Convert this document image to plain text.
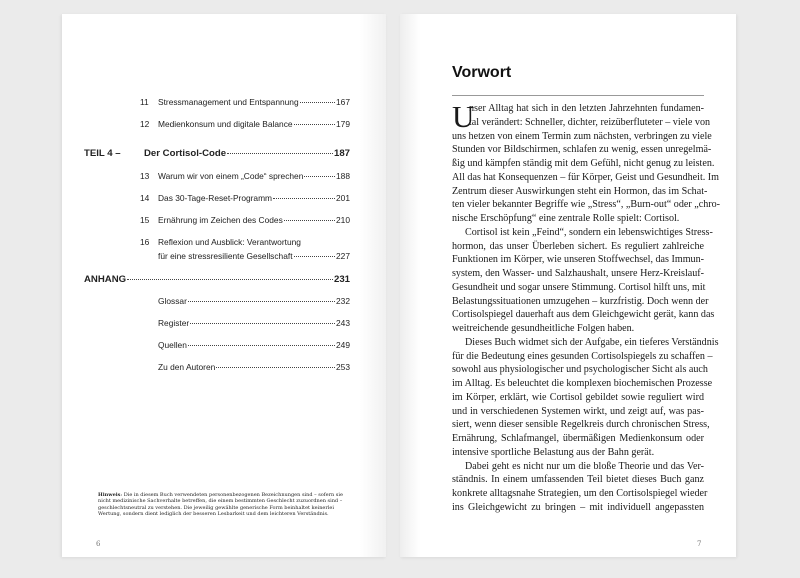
11	Stressmanagement und Entspannung	167
12	Medienkonsum und digitale Balance	179
TEIL 4 –	Der Cortisol-Code	187
13	Warum wir von einem „Code“ sprechen	188
14	Das 30-Tage-Reset-Programm	201
15	Ernährung im Zeichen des Codes	210
16	Reflexion und Ausblick: Verantwortung
für eine stressresiliente Gesellschaft	227
ANHANG	231
Glossar	232
Register	243
Quellen	249
Zu den Autoren	253
Hinweis: Die in diesem Buch verwendeten personenbezogenen Bezeichnungen sind – sofern sie nicht medizinische Sachverhalte betreffen, die einem bestimmten Geschlecht zuzuordnen sind – geschlechtsneutral zu verstehen. Die jeweilig gewählte generische Form beinhaltet keinerlei Wertung, sondern dient lediglich der besseren Lesbarkeit und dem leichteren Verständnis.
6
Vorwort
U
nser Alltag hat sich in den letzten Jahrzehnten fundamen-
tal verändert: Schneller, dichter, reizüberfluteter – viele von
uns hetzen von einem Termin zum nächsten, verbringen zu viele
Stunden vor Bildschirmen, schlafen zu wenig, essen unregelmä-
ßig und kämpfen ständig mit dem Gefühl, nicht genug zu leisten.
All das hat Konsequenzen – für Körper, Geist und Gesundheit. Im
Zentrum dieser Auswirkungen steht ein Hormon, das im Schat-
ten vieler bekannter Begriffe wie „Stress“, „Burn-out“ oder „chro-
nische Erschöpfung“ eine zentrale Rolle spielt: Cortisol.
Cortisol ist kein „Feind“, sondern ein lebenswichtiges Stress-
hormon, das unser Überleben sichert. Es reguliert zahlreiche
Funktionen im Körper, wie unseren Stoffwechsel, das Immun-
system, den Wasser- und Salzhaushalt, unsere Herz-Kreislauf-
Gesundheit und sogar unsere Stimmung. Cortisol hilft uns, mit
Belastungssituationen umzugehen – kurzfristig. Doch wenn der
Cortisolspiegel dauerhaft aus dem Gleichgewicht gerät, kann das
weitreichende gesundheitliche Folgen haben.
Dieses Buch widmet sich der Aufgabe, ein tieferes Verständnis
für die Bedeutung eines gesunden Cortisolspiegels zu schaffen –
sowohl aus physiologischer und psychologischer Sicht als auch
im Alltag. Es beleuchtet die komplexen biochemischen Prozesse
im Körper, erklärt, wie Cortisol gebildet sowie reguliert wird
und in verschiedenen Systemen wirkt, und zeigt auf, was pas-
siert, wenn dieser sensible Regelkreis durch chronischen Stress,
Ernährung, Schlafmangel, übermäßigen Medienkonsum oder
intensive sportliche Belastung aus der Bahn gerät.
Dabei geht es nicht nur um die bloße Theorie und das Ver-
ständnis. In einem umfassenden Teil bietet dieses Buch ganz
konkrete alltagsnahe Strategien, um den Cortisolspiegel wieder
ins Gleichgewicht zu bringen – mit individuell angepassten
7
